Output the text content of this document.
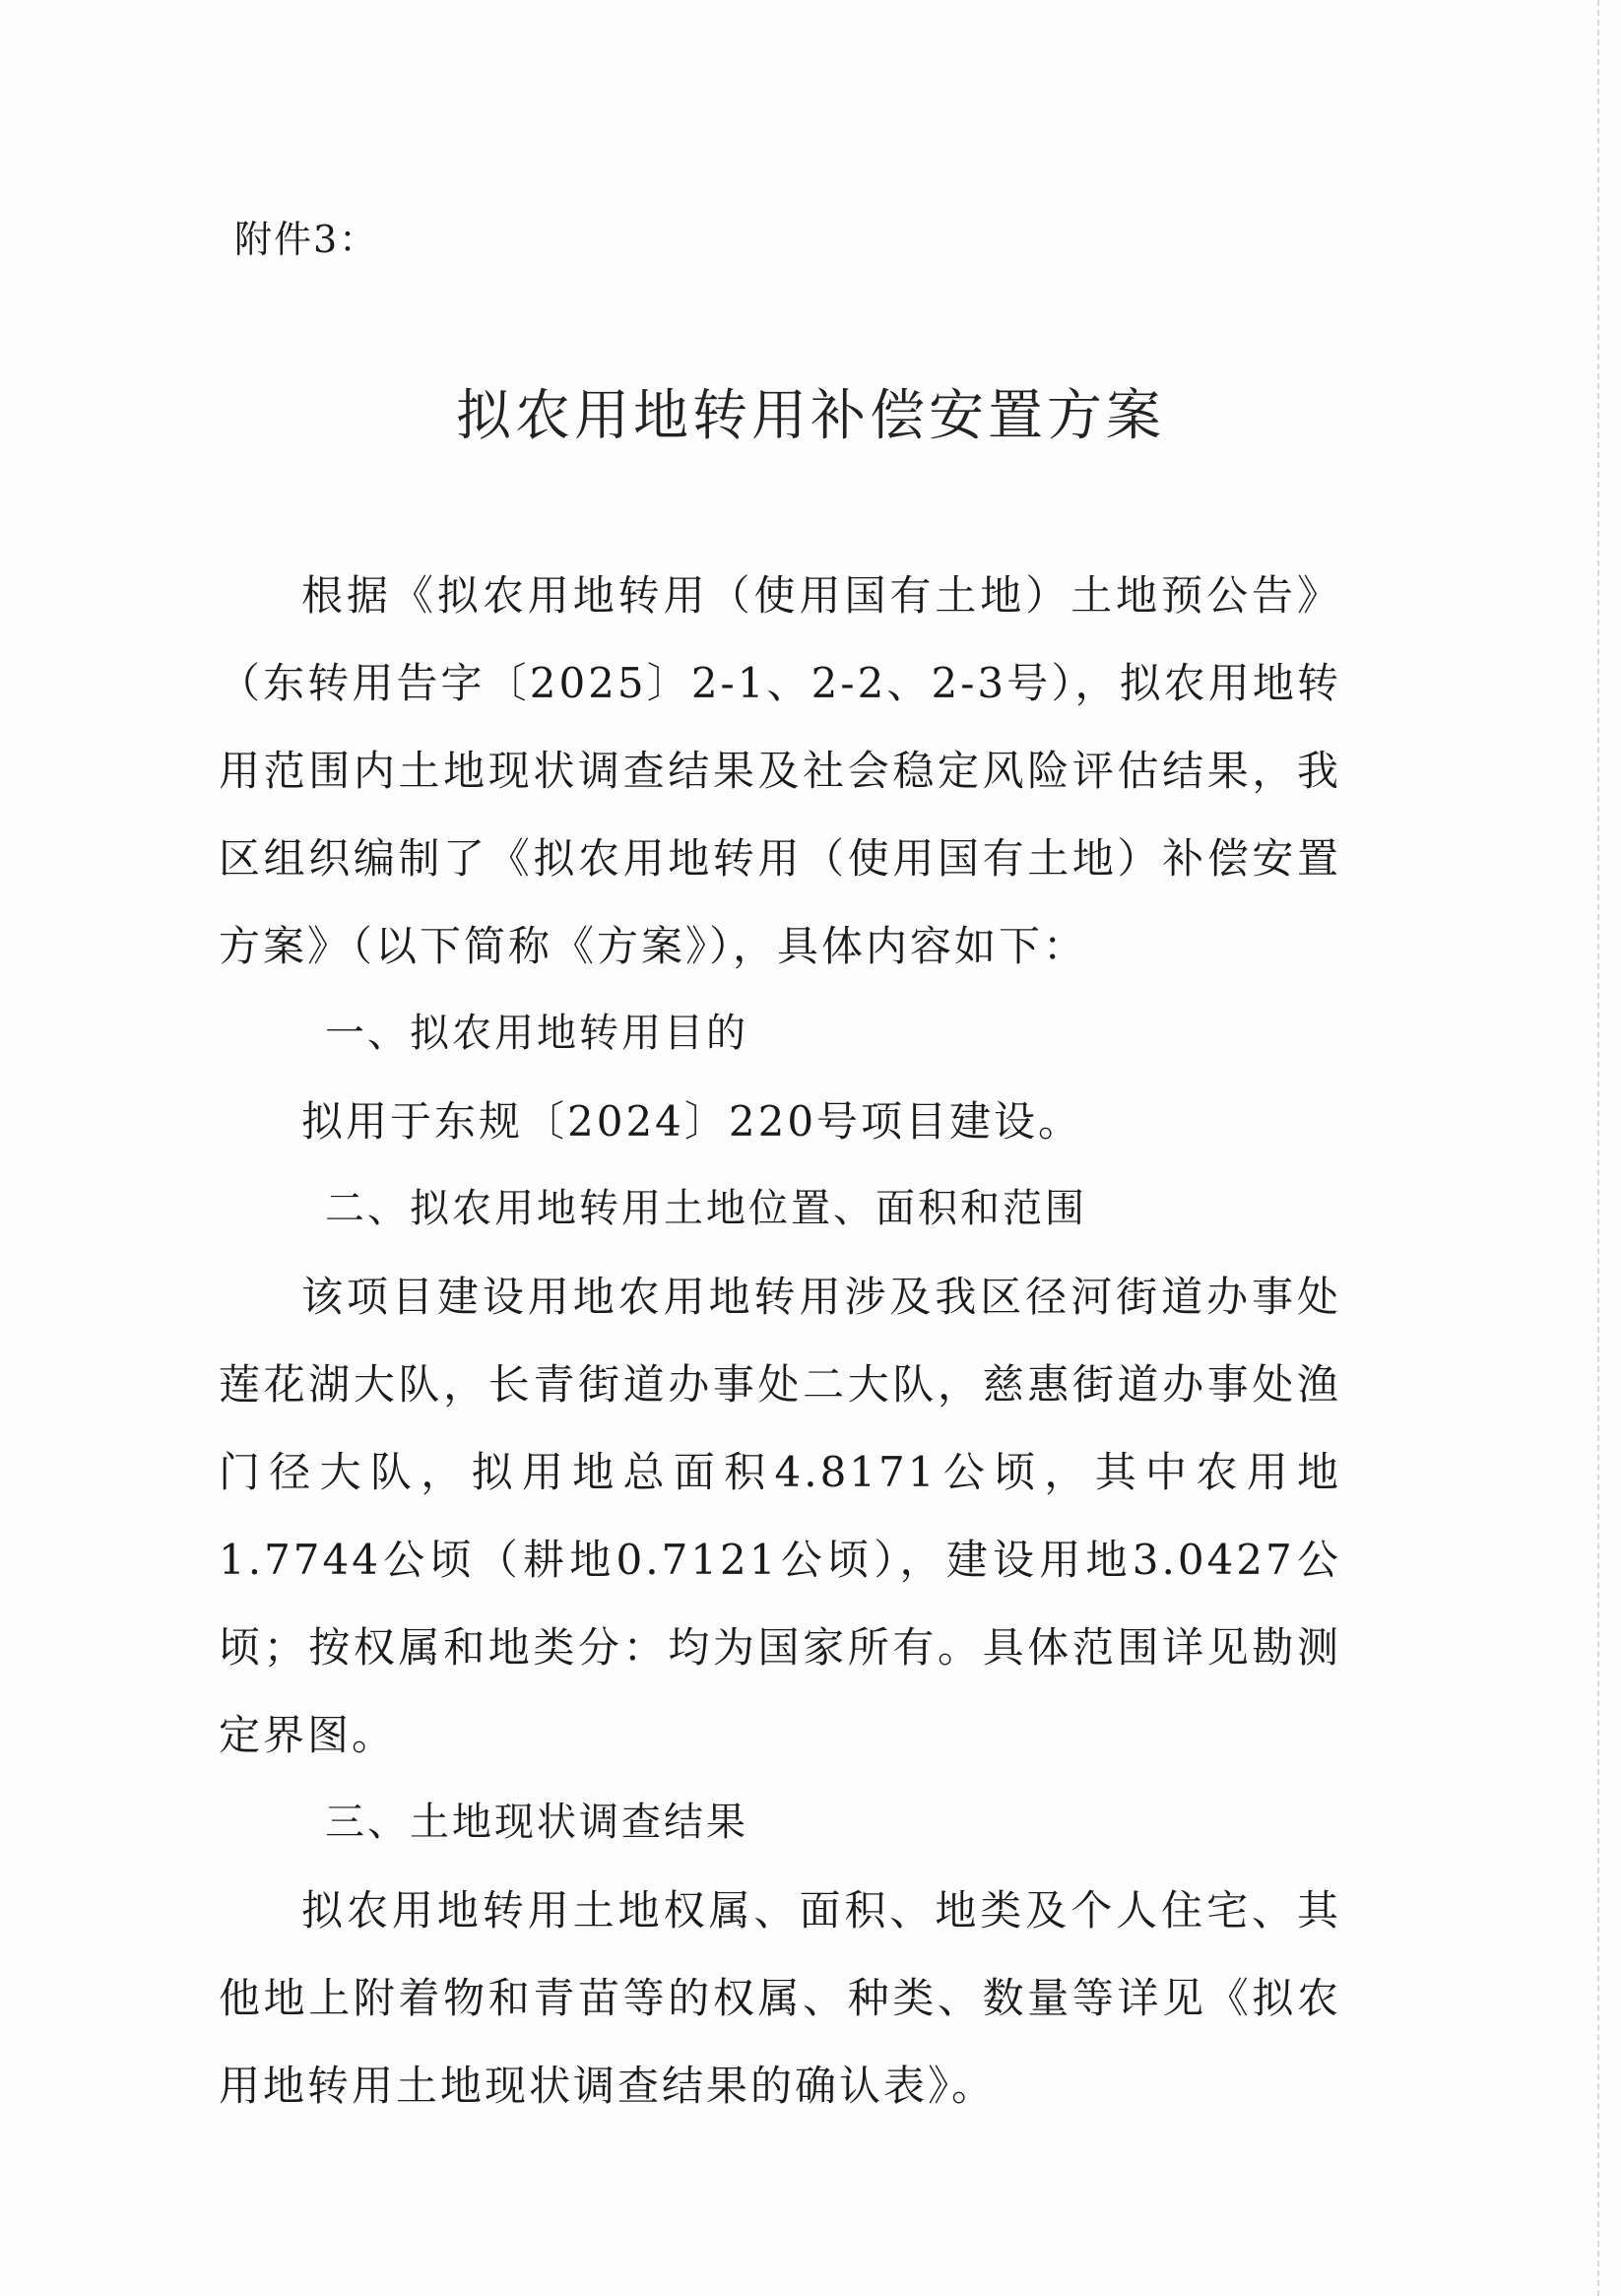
附件3：
拟农用地转用补偿安置方案

根据《拟农用地转用（使用国有土地）土地预公告》（东转用告字〔2025〕2-1、2-2、2-3号），拟农用地转用范围内土地现状调查结果及社会稳定风险评估结果，我区组织编制了《拟农用地转用（使用国有土地）补偿安置方案》（以下简称《方案》），具体内容如下：

一、拟农用地转用目的

拟用于东规〔2024〕220号项目建设。

二、拟农用地转用土地位置、面积和范围

该项目建设用地农用地转用涉及我区径河街道办事处莲花湖大队，长青街道办事处二大队，慈惠街道办事处渔门径大队，拟用地总面积4.8171公顷，其中农用地1.7744公顷（耕地0.7121公顷），建设用地3.0427公顷；按权属和地类分：均为国家所有。具体范围详见勘测定界图。

三、土地现状调查结果

拟农用地转用土地权属、面积、地类及个人住宅、其他地上附着物和青苗等的权属、种类、数量等详见《拟农用地转用土地现状调查结果的确认表》。
